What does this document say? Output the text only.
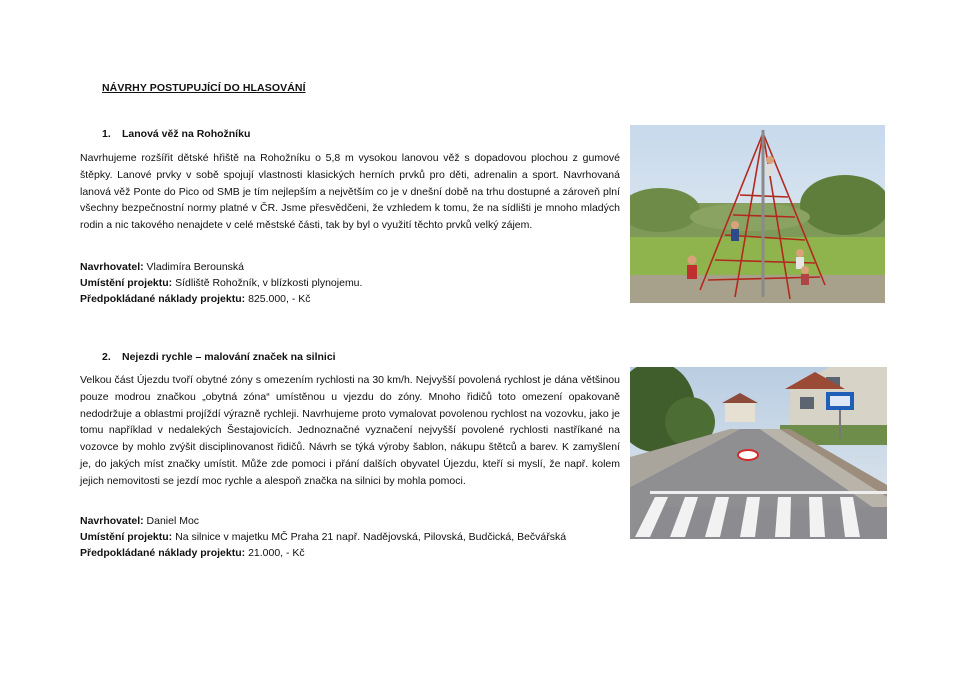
NÁVRHY POSTUPUJÍCÍ DO HLASOVÁNÍ
1. Lanová věž na Rohožníku
Navrhujeme rozšířit dětské hřiště na Rohožníku o 5,8 m vysokou lanovou věž s dopadovou plochou z gumové štěpky. Lanové prvky v sobě spojují vlastnosti klasických herních prvků pro děti, adrenalin a sport. Navrhovaná lanová věž Ponte do Pico od SMB je tím nejlepším a největším co je v dnešní době na trhu dostupné a zároveň plní všechny bezpečnostní normy platné v ČR. Jsme přesvědčeni, že vzhledem k tomu, že na sídlišti je mnoho mladých rodin a nic takového nenajdete v celé městské části, tak by byl o využití těchto prvků velký zájem.
Navrhovatel: Vladimíra Berounská
Umístění projektu: Sídliště Rohožník, v blízkosti plynojemu.
Předpokládané náklady projektu: 825.000, - Kč
2. Nejezdi rychle – malování značek na silnici
Velkou část Újezdu tvoří obytné zóny s omezením rychlosti na 30 km/h. Nejvyšší povolená rychlost je dána většinou pouze modrou značkou „obytná zóna“ umístěnou u vjezdu do zóny. Mnoho řidičů toto omezení opakovaně nedodržuje a oblastmi projíždí výrazně rychleji. Navrhujeme proto vymalovat povolenou rychlost na vozovku, jako je tomu například v nedalekých Šestajovicích. Jednoznačné vyznačení nejvyšší povolené rychlosti nastříkané na vozovce by mohlo zvýšit disciplinovanost řidičů. Návrh se týká výroby šablon, nákupu štětců a barev. K zamyšlení je, do jakých míst značky umístit. Může zde pomoci i přání dalších obyvatel Újezdu, kteří si myslí, že např. kolem jejich nemovitosti se jezdí moc rychle a alespoň značka na silnici by mohla pomoci.
Navrhovatel: Daniel Moc
Umístění projektu: Na silnice v majetku MČ Praha 21 např. Nadějovská, Pilovská, Budčická, Bečvářská
Předpokládané náklady projektu: 21.000, - Kč
